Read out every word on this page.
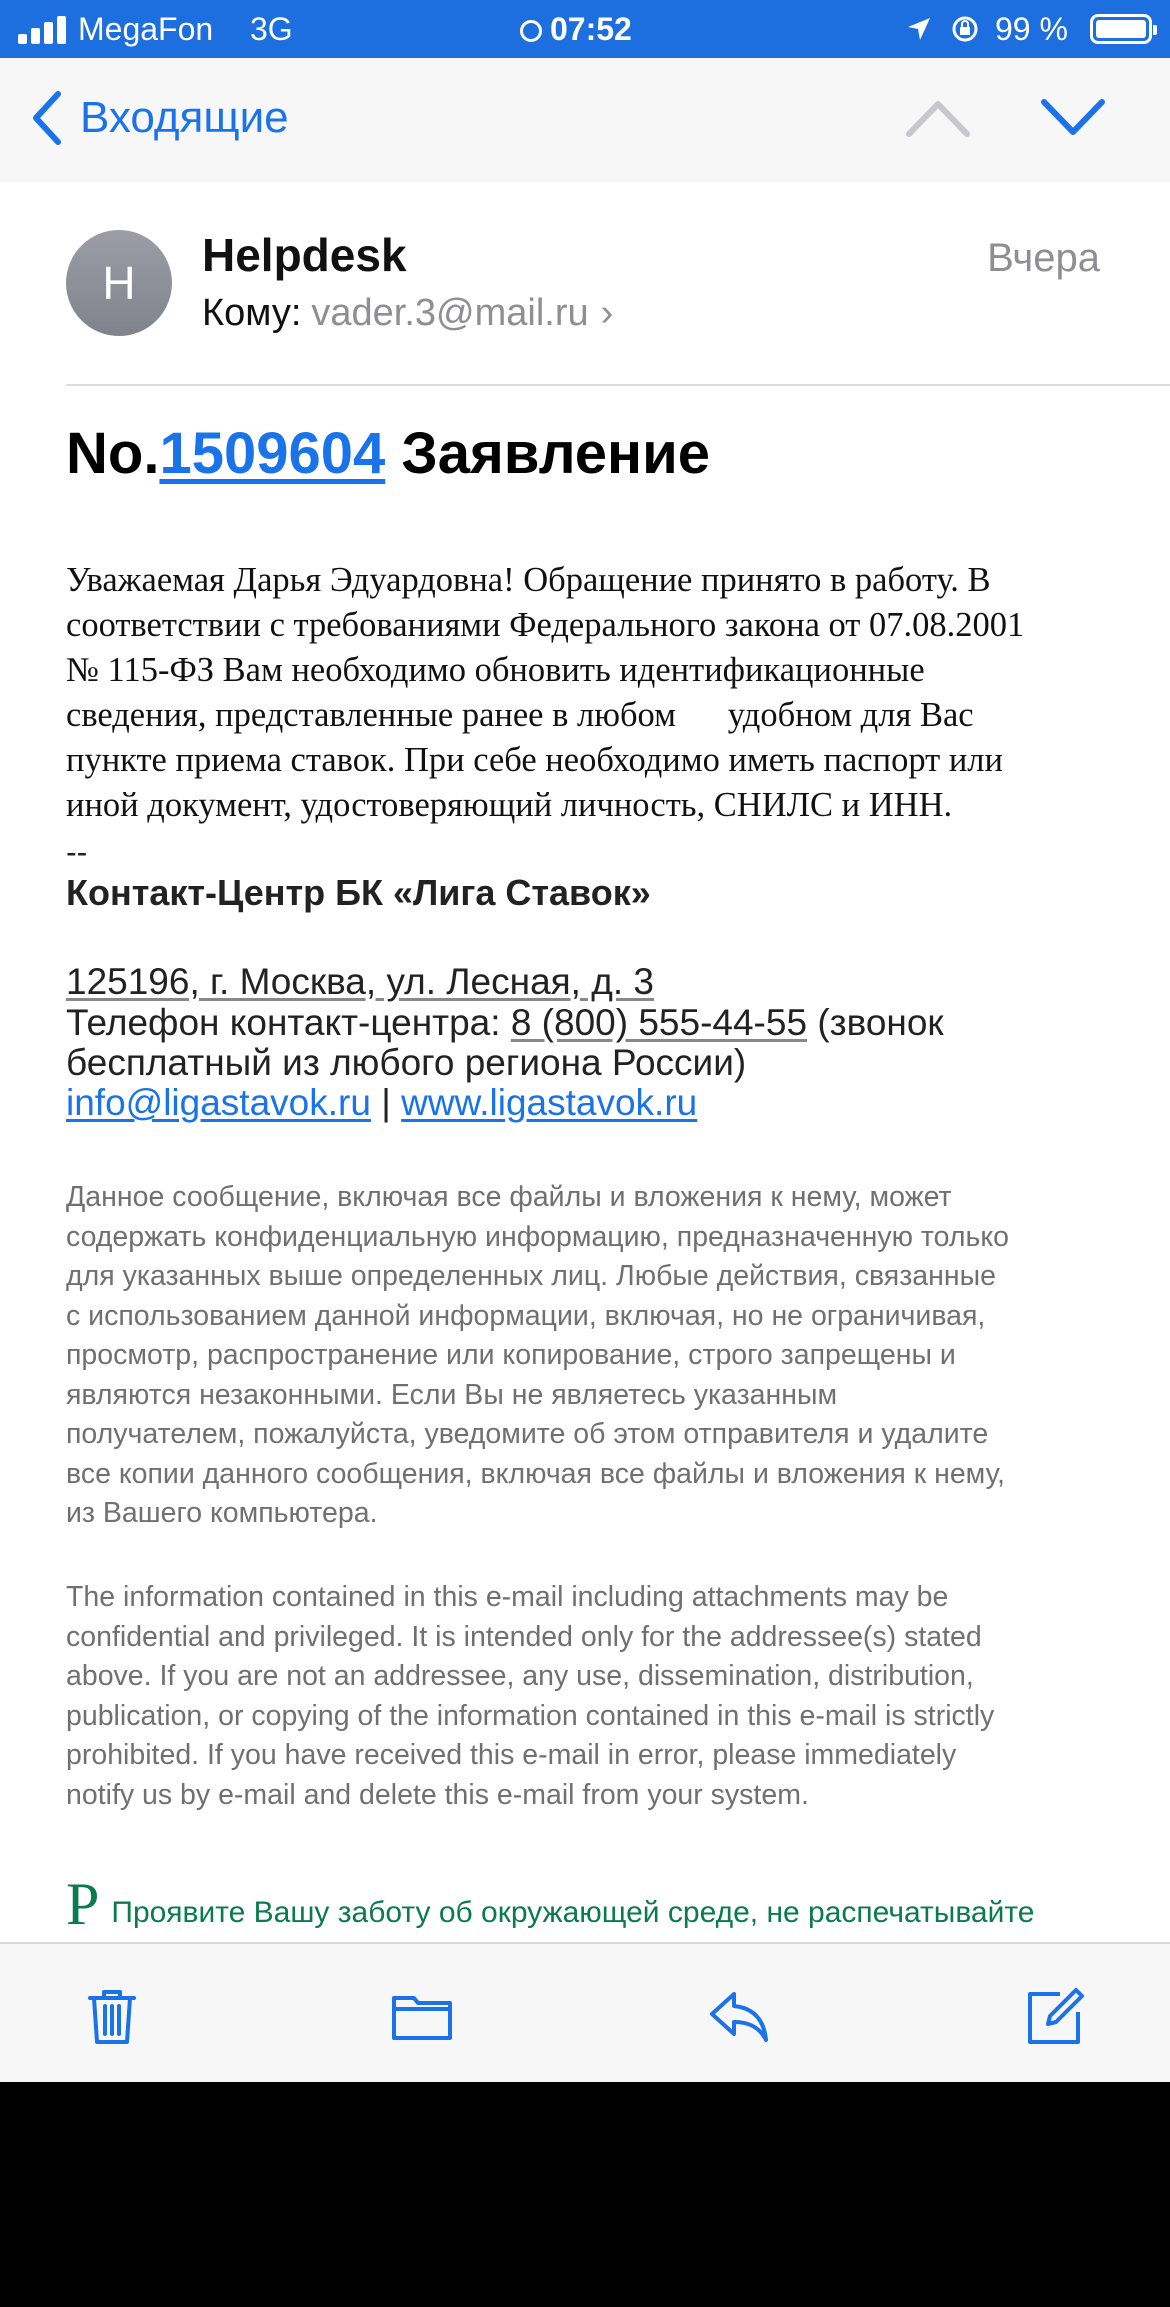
MegaFon 3G	07:52	99 %
Входящие
H
Helpdesk	Вчера
Кому: vader.3@mail.ru ›
No.1509604 Заявление

Уважаемая Дарья Эдуардовна! Обращение принято в работу. В

соответствии с требованиями Федерального закона от 07.08.2001

№ 115-ФЗ Вам необходимо обновить идентификационные

сведения, представленные ранее в любом      удобном для Вас

пункте приема ставок. При себе необходимо иметь паспорт или

иной документ, удостоверяющий личность, СНИЛС и ИНН.

--
Контакт-Центр БК «Лига Ставок»
125196, г. Москва, ул. Лесная, д. 3
Телефон контакт-центра: 8 (800) 555-44-55 (звонок бесплатный из любого региона России)
info@ligastavok.ru | www.ligastavok.ru

Данное сообщение, включая все файлы и вложения к нему, может

содержать конфиденциальную информацию, предназначенную только

для указанных выше определенных лиц. Любые действия, связанные

с использованием данной информации, включая, но не ограничивая,

просмотр, распространение или копирование, строго запрещены и

являются незаконными. Если Вы не являетесь указанным

получателем, пожалуйста, уведомите об этом отправителя и удалите

все копии данного сообщения, включая все файлы и вложения к нему,

из Вашего компьютера.

The information contained in this e-mail including attachments may be

confidential and privileged. It is intended only for the addressee(s) stated

above. If you are not an addressee, any use, dissemination, distribution,

publication, or copying of the information contained in this e-mail is strictly

prohibited. If you have received this e-mail in error, please immediately

notify us by e-mail and delete this e-mail from your system.

P Проявите Вашу заботу об окружающей среде, не распечатывайте
